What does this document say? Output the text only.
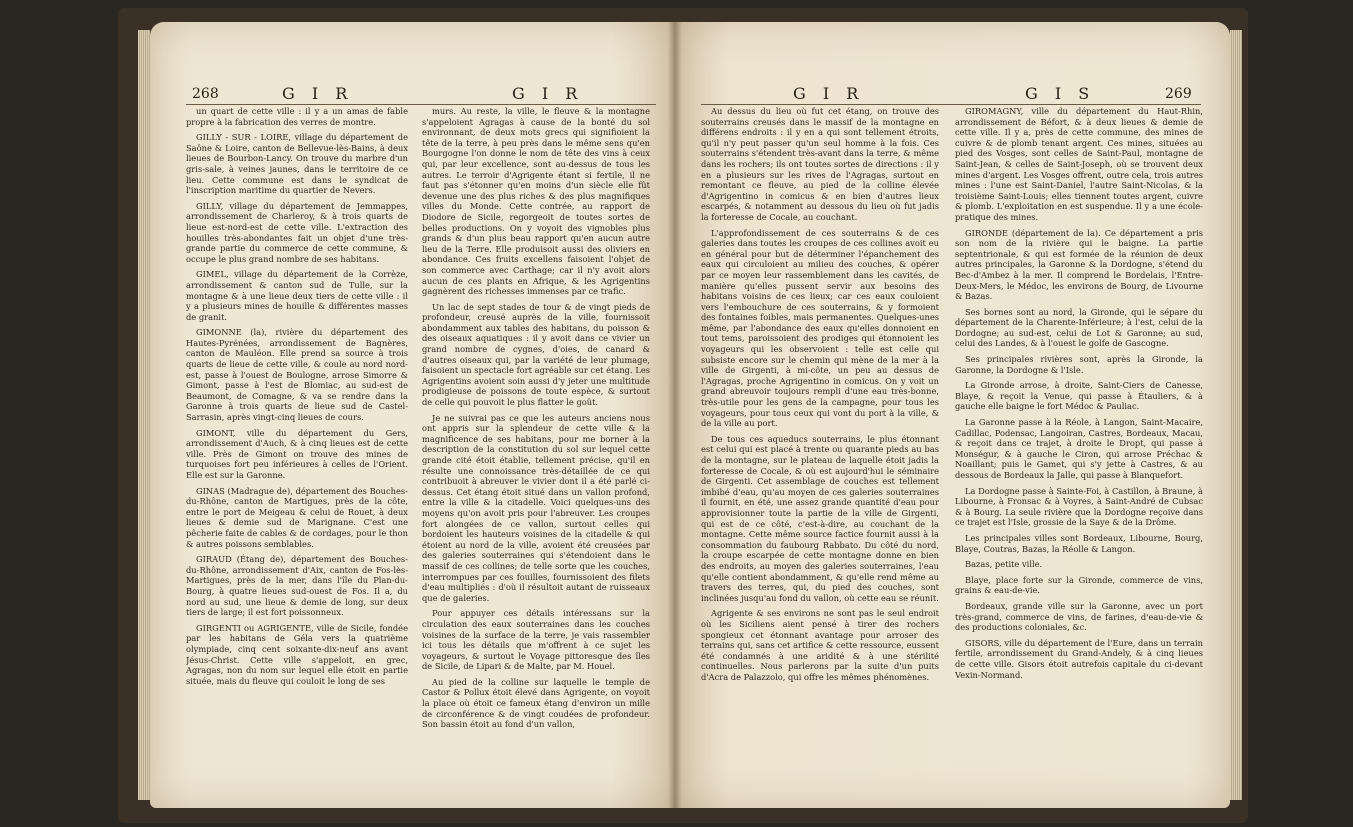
268	G I R	G I R

un quart de cette ville : il y a un amas de fable propre à la fabrication des verres de montre.

GILLY - SUR - LOIRE, village du département de Saône & Loire, canton de Bellevue-lès-Bains, à deux lieues de Bourbon-Lancy. On trouve du marbre d'un gris-sale, à veines jaunes, dans le territoire de ce lieu. Cette commune est dans le syndicat de l'inscription maritime du quartier de Nevers.

GILLY, village du département de Jemmappes, arrondissement de Charleroy, & à trois quarts de lieue est-nord-est de cette ville. L'extraction des houilles très-abondantes fait un objet d'une très-grande partie du commerce de cette commune, & occupe le plus grand nombre de ses habitans.

GIMEL, village du département de la Corrèze, arrondissement & canton sud de Tulle, sur la montagne & à une lieue deux tiers de cette ville : il y a plusieurs mines de houille & différentes masses de granit.

GIMONNE (la), rivière du département des Hautes-Pyrénées, arrondissement de Bagnères, canton de Mauléon. Elle prend sa source à trois quarts de lieue de cette ville, & coule au nord nord-est, passe à l'ouest de Boulogne, arrose Simorre & Gimont, passe à l'est de Blomiac, au sud-est de Beaumont, de Comagne, & va se rendre dans la Garonne à trois quarts de lieue sud de Castel-Sarrasin, après vingt-cinq lieues de cours.

GIMONT, ville du département du Gers, arrondissement d'Auch, & à cinq lieues est de cette ville. Près de Gimont on trouve des mines de turquoises fort peu inférieures à celles de l'Orient. Elle est sur la Garonne.

GINAS (Madrague de), département des Bouches-du-Rhône, canton de Martigues, près de la côte, entre le port de Meigeau & celui de Rouet, à deux lieues & demie sud de Marignane. C'est une pêcherie faite de cables & de cordages, pour le thon & autres poissons semblables.

GIRAUD (Étang de), département des Bouches-du-Rhône, arrondissement d'Aix, canton de Fos-lès-Martigues, près de la mer, dans l'île du Plan-du-Bourg, à quatre lieues sud-ouest de Fos. Il a, du nord au sud, une lieue & demie de long, sur deux tiers de large; il est fort poissonneux.

GIRGENTI ou AGRIGENTE, ville de Sicile, fondée par les habitans de Géla vers la quatrième olympiade, cinq cent soixante-dix-neuf ans avant Jésus-Christ. Cette ville s'appeloit, en grec, Agragas, non du nom sur lequel elle étoit en partie située, mais du fleuve qui couloit le long de ses

murs. Au reste, la ville, le fleuve & la montagne s'appeloient Agragas à cause de la bonté du sol environnant, de deux mots grecs qui signifioient la tête de la terre, à peu près dans le même sens qu'en Bourgogne l'on donne le nom de tête des vins à ceux qui, par leur excellence, sont au-dessus de tous les autres. Le terroir d'Agrigente étant si fertile, il ne faut pas s'étonner qu'en moins d'un siècle elle fût devenue une des plus riches & des plus magnifiques villes du Monde. Cette contrée, au rapport de Diodore de Sicile, regorgeoit de toutes sortes de belles productions. On y voyoit des vignobles plus grands & d'un plus beau rapport qu'en aucun autre lieu de la Terre. Elle produisoit aussi des oliviers en abondance. Ces fruits excellens faisoient l'objet de son commerce avec Carthage; car il n'y avoit alors aucun de ces plants en Afrique, & les Agrigentins gagnèrent des richesses immenses par ce trafic.

Un lac de sept stades de tour & de vingt pieds de profondeur, creusé auprès de la ville, fournissoit abondamment aux tables des habitans, du poisson & des oiseaux aquatiques : il y avoit dans ce vivier un grand nombre de cygnes, d'oies, de canard & d'autres oiseaux qui, par la variété de leur plumage, faisoient un spectacle fort agréable sur cet étang. Les Agrigentins avoient soin aussi d'y jeter une multitude prodigieuse de poissons de toute espèce, & surtout de celle qui pouvoit le plus flatter le goût.

Je ne suivrai pas ce que les auteurs anciens nous ont appris sur la splendeur de cette ville & la magnificence de ses habitans, pour me borner à la description de la constitution du sol sur lequel cette grande cité étoit établie, tellement précise, qu'il en résulte une connoissance très-détaillée de ce qui contribuoit à abreuver le vivier dont il a été parlé ci-dessus. Cet étang étoit situé dans un vallon profond, entre la ville & la citadelle. Voici quelques-uns des moyens qu'on avoit pris pour l'abreuver. Les croupes fort alongées de ce vallon, surtout celles qui bordoient les hauteurs voisines de la citadelle & qui étoient au nord de la ville, avoient été creusées par des galeries souterraines qui s'étendoient dans le massif de ces collines; de telle sorte que les couches, interrompues par ces fouilles, fournissoient des filets d'eau multipliés : d'où il résultoit autant de ruisseaux que de galeries.

Pour appuyer ces détails intéressans sur la circulation des eaux souterraines dans les couches voisines de la surface de la terre, je vais rassembler ici tous les détails que m'offrent à ce sujet les voyageurs, & surtout le Voyage pittoresque des îles de Sicile, de Lipari & de Malte, par M. Houel.

Au pied de la colline sur laquelle le temple de Castor & Pollux étoit élevé dans Agrigente, on voyoit la place où étoit ce fameux étang d'environ un mille de circonférence & de vingt coudées de profondeur. Son bassin étoit au fond d'un vallon,

G I R	G I S	269

Au dessus du lieu où fut cet étang, on trouve des souterrains creusés dans le massif de la montagne en différens endroits : il y en a qui sont tellement étroits, qu'il n'y peut passer qu'un seul homme à la fois. Ces souterrains s'étendent très-avant dans la terre, & même dans les rochers; ils ont toutes sortes de directions : il y en a plusieurs sur les rives de l'Agragas, surtout en remontant ce fleuve, au pied de la colline élevée d'Agrigentino in comicus & en bien d'autres lieux escarpés, & notamment au dessous du lieu où fut jadis la forteresse de Cocale, au couchant.

L'approfondissement de ces souterrains & de ces galeries dans toutes les croupes de ces collines avoit eu en général pour but de déterminer l'épanchement des eaux qui circuloient au milieu des couches, & opérer par ce moyen leur rassemblement dans les cavités, de manière qu'elles pussent servir aux besoins des habitans voisins de ces lieux; car ces eaux couloient vers l'embouchure de ces souterrains, & y formoient des fontaines foibles, mais permanentes. Quelques-unes même, par l'abondance des eaux qu'elles donnoient en tout tems, paroissoient des prodiges qui étonnoient les voyageurs qui les observoient : telle est celle qui subsiste encore sur le chemin qui mène de la mer à la ville de Girgenti, à mi-côte, un peu au dessus de l'Agragas, proche Agrigentino in comicus. On y voit un grand abreuvoir toujours rempli d'une eau très-bonne, très-utile pour les gens de la campagne, pour tous les voyageurs, pour tous ceux qui vont du port à la ville, & de la ville au port.

De tous ces aqueducs souterrains, le plus étonnant est celui qui est placé à trente ou quarante pieds au bas de la montagne, sur le plateau de laquelle étoit jadis la forteresse de Cocale, & où est aujourd'hui le séminaire de Girgenti. Cet assemblage de couches est tellement imbibé d'eau, qu'au moyen de ces galeries souterraines il fournit, en été, une assez grande quantité d'eau pour approvisionner toute la partie de la ville de Girgenti, qui est de ce côté, c'est-à-dire, au couchant de la montagne. Cette même source factice fournit aussi à la consommation du faubourg Rabbato. Du côté du nord, la croupe escarpée de cette montagne donne en bien des endroits, au moyen des galeries souterraines, l'eau qu'elle contient abondamment, & qu'elle rend même au travers des terres, qui, du pied des couches, sont inclinées jusqu'au fond du vallon, où cette eau se réunit.

Agrigente & ses environs ne sont pas le seul endroit où les Siciliens aient pensé à tirer des rochers spongieux cet étonnant avantage pour arroser des terrains qui, sans cet artifice & cette ressource, eussent été condamnés à une aridité & à une stérilité continuelles. Nous parlerons par la suite d'un puits d'Acra de Palazzolo, qui offre les mêmes phénomènes.

GIROMAGNY, ville du département du Haut-Rhin, arrondissement de Béfort, & à deux lieues & demie de cette ville. Il y a, près de cette commune, des mines de cuivre & de plomb tenant argent. Ces mines, situées au pied des Vosges, sont celles de Saint-Paul, montagne de Saint-Jean, & celles de Saint-Joseph, où se trouvent deux mines d'argent. Les Vosges offrent, outre cela, trois autres mines : l'une est Saint-Daniel, l'autre Saint-Nicolas, & la troisième Saint-Louis; elles tiennent toutes argent, cuivre & plomb. L'exploitation en est suspendue. Il y a une école-pratique des mines.

GIRONDE (département de la). Ce département a pris son nom de la rivière qui le baigne. La partie septentrionale, & qui est formée de la réunion de deux autres principales, la Garonne & la Dordogne, s'étend du Bec-d'Ambez à la mer. Il comprend le Bordelais, l'Entre-Deux-Mers, le Médoc, les environs de Bourg, de Livourne & Bazas.

Ses bornes sont au nord, la Gironde, qui le sépare du département de la Charente-Inférieure; à l'est, celui de la Dordogne; au sud-est, celui de Lot & Garonne; au sud, celui des Landes, & à l'ouest le golfe de Gascogne.

Ses principales rivières sont, après la Gironde, la Garonne, la Dordogne & l'Isle.

La Gironde arrose, à droite, Saint-Ciers de Canesse, Blaye, & reçoit la Venue, qui passe à Étauliers, & à gauche elle baigne le fort Médoc & Pauliac.

La Garonne passe à la Réole, à Langon, Saint-Macaire, Cadillac, Podensac, Langoiran, Castres, Bordeaux, Macau, & reçoit dans ce trajet, à droite le Dropt, qui passe à Monségur, & à gauche le Ciron, qui arrose Préchac & Noaillant; puis le Gamet, qui s'y jette à Castres, & au dessous de Bordeaux la Jalle, qui passe à Blanquefort.

La Dordogne passe à Sainte-Foi, à Castillon, à Braune, à Libourne, à Fronsac & à Voyres, à Saint-André de Cubsac & à Bourg. La seule rivière que la Dordogne reçoive dans ce trajet est l'Isle, grossie de la Saye & de la Drôme.

Les principales villes sont Bordeaux, Libourne, Bourg, Blaye, Coutras, Bazas, la Réolle & Langon.

Bazas, petite ville.

Blaye, place forte sur la Gironde, commerce de vins, grains & eau-de-vie.

Bordeaux, grande ville sur la Garonne, avec un port très-grand, commerce de vins, de farines, d'eau-de-vie & des productions coloniales, &c.

GISORS, ville du département de l'Eure, dans un terrain fertile, arrondissement du Grand-Andely, & à cinq lieues de cette ville. Gisors étoit autrefois capitale du ci-devant Vexin-Normand.
